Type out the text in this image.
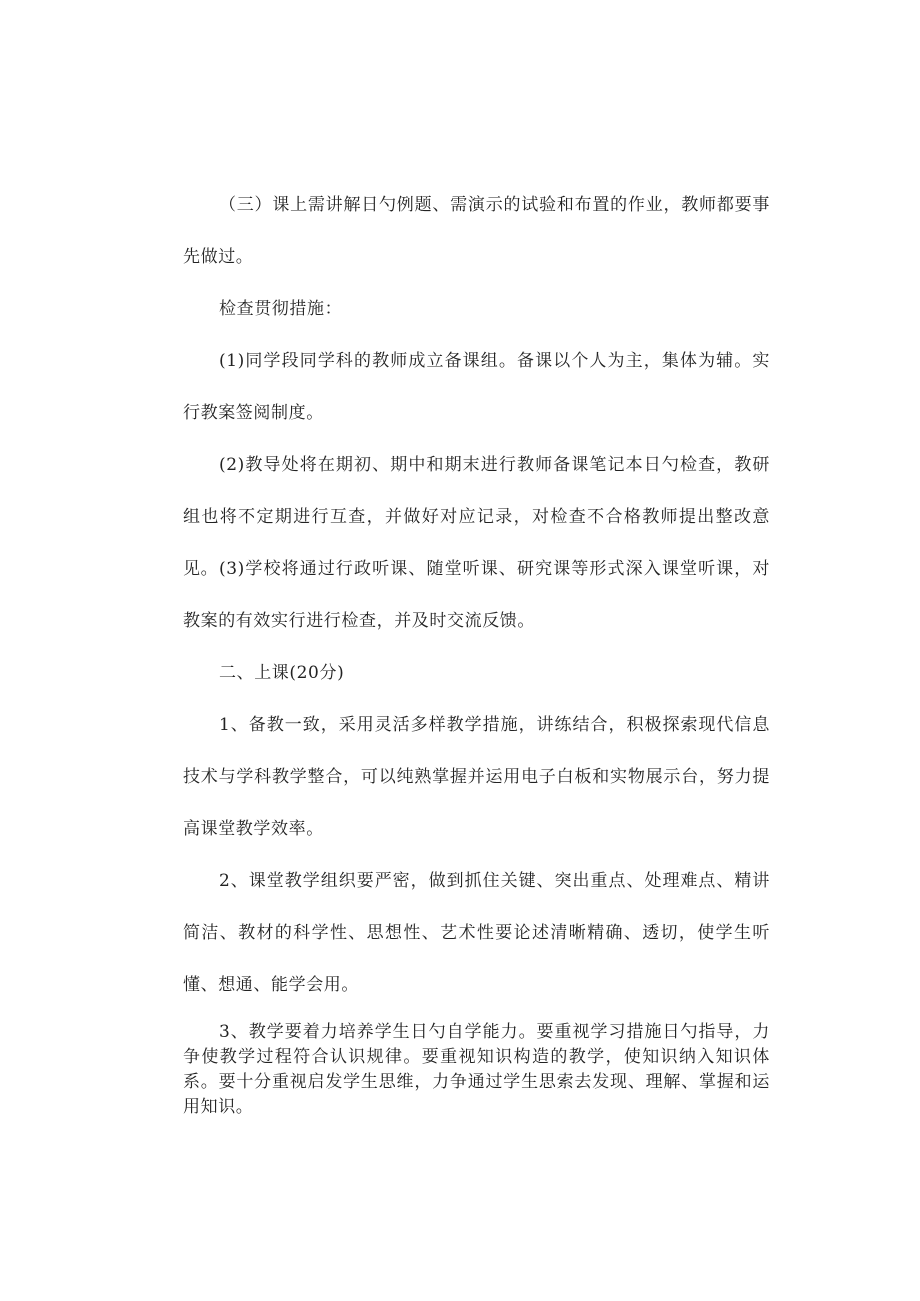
（三）课上需讲解日勺例题、需演示的试验和布置的作业，教师都要事先做过。

检查贯彻措施：

(1)同学段同学科的教师成立备课组。备课以个人为主，集体为辅。实行教案签阅制度。

(2)教导处将在期初、期中和期末进行教师备课笔记本日勺检查，教研组也将不定期进行互查，并做好对应记录，对检查不合格教师提出整改意见。 (3)学校将通过行政听课、随堂听课、研究课等形式深入课堂听课，对教案的有效实行进行检查，并及时交流反馈。

二、上课(20分)

1、备教一致，采用灵活多样教学措施，讲练结合，积极探索现代信息技术与学科教学整合，可以纯熟掌握并运用电子白板和实物展示台，努力提高课堂教学效率。

2、课堂教学组织要严密，做到抓住关键、突出重点、处理难点、精讲简洁、教材的科学性、思想性、艺术性要论述清晰精确、透切，使学生听懂、想通、能学会用。

3、教学要着力培养学生日勺自学能力。要重视学习措施日勺指导，力争使教学过程符合认识规律。要重视知识构造的教学，使知识纳入知识体系。要十分重视启发学生思维，力争通过学生思索去发现、理解、掌握和运用知识。
